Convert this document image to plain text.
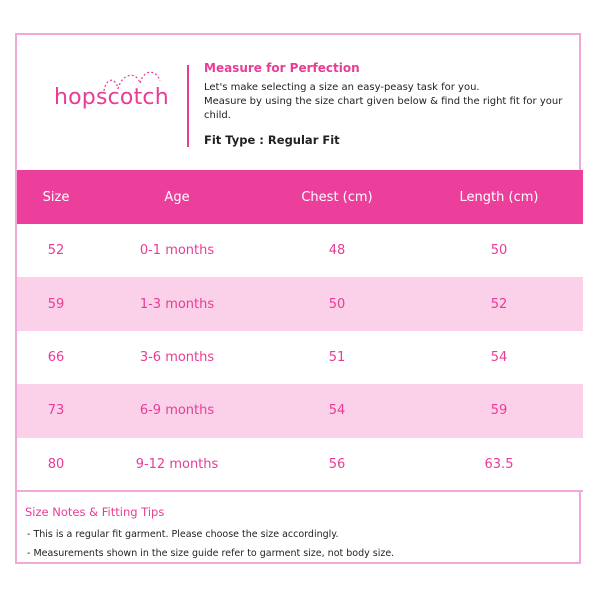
hopscotch
Measure for Perfection
Let's make selecting a size an easy-peasy task for you.
Measure by using the size chart given below & find the right fit for your child.
Fit Type : Regular Fit
Size	Age	Chest (cm)	Length (cm)
52	0-1 months	48	50
59	1-3 months	50	52
66	3-6 months	51	54
73	6-9 months	54	59
80	9-12 months	56	63.5
Size Notes & Fitting Tips
- This is a regular fit garment. Please choose the size accordingly.
- Measurements shown in the size guide refer to garment size, not body size.
